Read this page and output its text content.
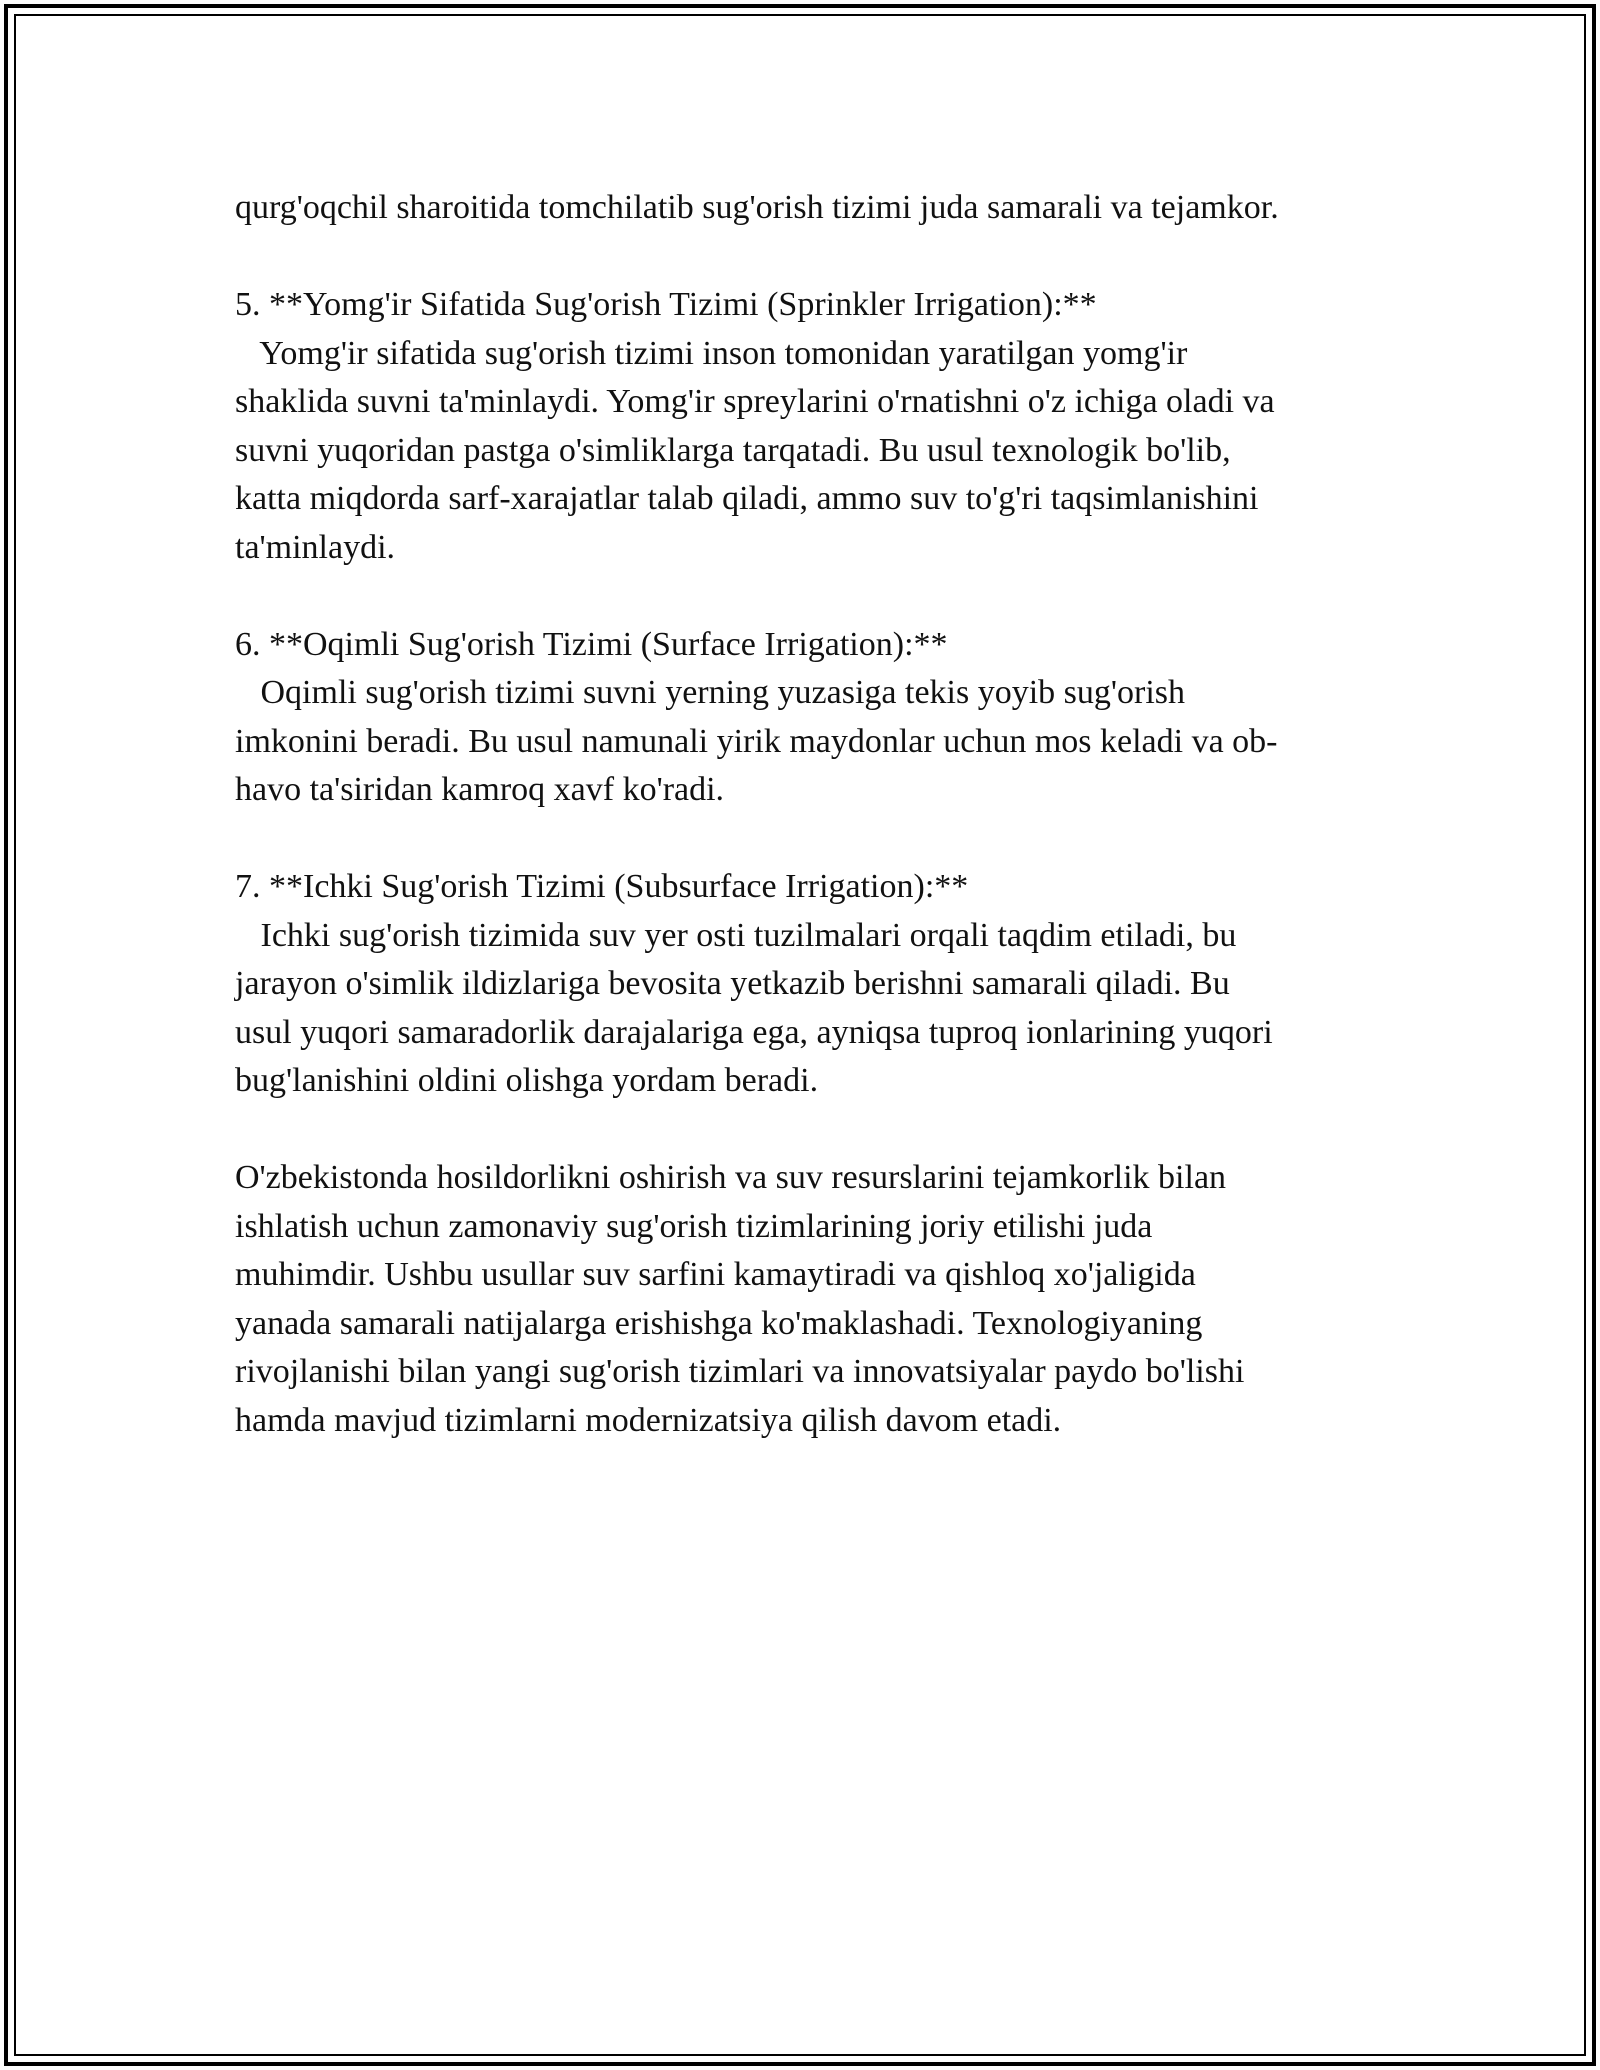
qurg'oqchil sharoitida tomchilatib sug'orish tizimi juda samarali va tejamkor.
5. **Yomg'ir Sifatida Sug'orish Tizimi (Sprinkler Irrigation):**
Yomg'ir sifatida sug'orish tizimi inson tomonidan yaratilgan yomg'ir
shaklida suvni ta'minlaydi. Yomg'ir spreylarini o'rnatishni o'z ichiga oladi va
suvni yuqoridan pastga o'simliklarga tarqatadi. Bu usul texnologik bo'lib,
katta miqdorda sarf-xarajatlar talab qiladi, ammo suv to'g'ri taqsimlanishini
ta'minlaydi.
6. **Oqimli Sug'orish Tizimi (Surface Irrigation):**
Oqimli sug'orish tizimi suvni yerning yuzasiga tekis yoyib sug'orish
imkonini beradi. Bu usul namunali yirik maydonlar uchun mos keladi va ob-
havo ta'siridan kamroq xavf ko'radi.
7. **Ichki Sug'orish Tizimi (Subsurface Irrigation):**
Ichki sug'orish tizimida suv yer osti tuzilmalari orqali taqdim etiladi, bu
jarayon o'simlik ildizlariga bevosita yetkazib berishni samarali qiladi. Bu
usul yuqori samaradorlik darajalariga ega, ayniqsa tuproq ionlarining yuqori
bug'lanishini oldini olishga yordam beradi.
O'zbekistonda hosildorlikni oshirish va suv resurslarini tejamkorlik bilan
ishlatish uchun zamonaviy sug'orish tizimlarining joriy etilishi juda
muhimdir. Ushbu usullar suv sarfini kamaytiradi va qishloq xo'jaligida
yanada samarali natijalarga erishishga ko'maklashadi. Texnologiyaning
rivojlanishi bilan yangi sug'orish tizimlari va innovatsiyalar paydo bo'lishi
hamda mavjud tizimlarni modernizatsiya qilish davom etadi.
